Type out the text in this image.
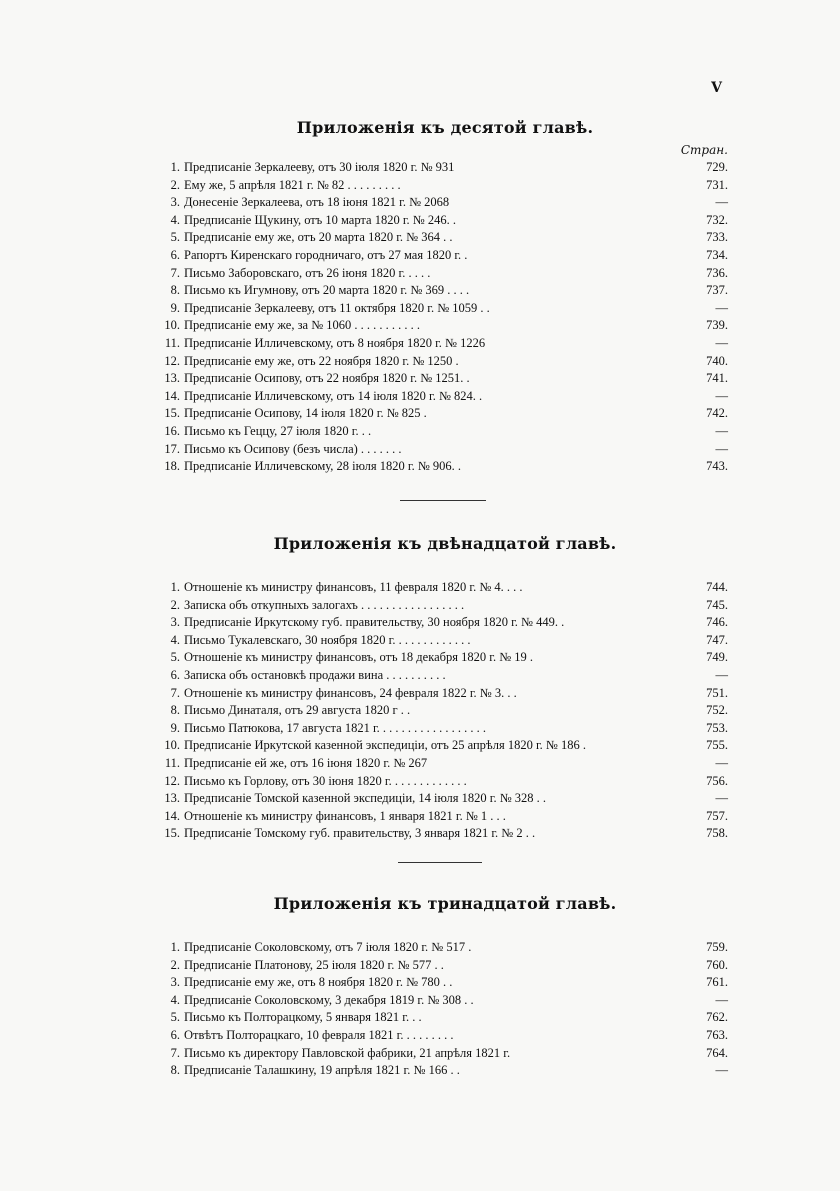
V
Приложенія къ десятой главѣ.
Стран.
1. Предписаніе Зеркалееву, отъ 30 іюля 1820 г. № 931	729.
2. Ему же, 5 апрѣля 1821 г. № 82 . . . . . . . . .	731.
3. Донесеніе Зеркалеева, отъ 18 іюня 1821 г. № 2068	—
4. Предписаніе Щукину, отъ 10 марта 1820 г. № 246. .	732.
5. Предписаніе ему же, отъ 20 марта 1820 г. № 364 . .	733.
6. Рапортъ Киренскаго городничаго, отъ 27 мая 1820 г. .	734.
7. Письмо Заборовскаго, отъ 26 іюня 1820 г. . . . .	736.
8. Письмо къ Игумнову, отъ 20 марта 1820 г. № 369 . . . .	737.
9. Предписаніе Зеркалееву, отъ 11 октября 1820 г. № 1059 . .	—
10. Предписаніе ему же, за № 1060 . . . . . . . . . . .	739.
11. Предписаніе Илличевскому, отъ 8 ноября 1820 г. № 1226	—
12. Предписаніе ему же, отъ 22 ноября 1820 г. № 1250 .	740.
13. Предписаніе Осипову, отъ 22 ноября 1820 г. № 1251. .	741.
14. Предписаніе Илличевскому, отъ 14 іюля 1820 г. № 824. .	—
15. Предписаніе Осипову, 14 іюля 1820 г. № 825 .	742.
16. Письмо къ Геццу, 27 іюля 1820 г. . .	—
17. Письмо къ Осипову (безъ числа) . . . . . . .	—
18. Предписаніе Илличевскому, 28 іюля 1820 г. № 906. .	743.
Приложенія къ двѣнадцатой главѣ.
1. Отношеніе къ министру финансовъ, 11 февраля 1820 г. № 4. . . .	744.
2. Записка объ откупныхъ залогахъ . . . . . . . . . . . . . . . . .	745.
3. Предписаніе Иркутскому губ. правительству, 30 ноября 1820 г. № 449. .	746.
4. Письмо Тукалевскаго, 30 ноября 1820 г. . . . . . . . . . . . .	747.
5. Отношеніе къ министру финансовъ, отъ 18 декабря 1820 г. № 19 .	749.
6. Записка объ остановкѣ продажи вина . . . . . . . . . .	—
7. Отношеніе къ министру финансовъ, 24 февраля 1822 г. № 3. . .	751.
8. Письмо Динаталя, отъ 29 августа 1820 г . .	752.
9. Письмо Патюкова, 17 августа 1821 г. . . . . . . . . . . . . . . . . .	753.
10. Предписаніе Иркутской казенной экспедиціи, отъ 25 апрѣля 1820 г. № 186 .	755.
11. Предписаніе ей же, отъ 16 іюня 1820 г. № 267	—
12. Письмо къ Горлову, отъ 30 іюня 1820 г. . . . . . . . . . . . .	756.
13. Предписаніе Томской казенной экспедиціи, 14 іюля 1820 г. № 328 . .	—
14. Отношеніе къ министру финансовъ, 1 января 1821 г. № 1 . . .	757.
15. Предписаніе Томскому губ. правительству, 3 января 1821 г. № 2 . .	758.
Приложенія къ тринадцатой главѣ.
1. Предписаніе Соколовскому, отъ 7 іюля 1820 г. № 517 .	759.
2. Предписаніе Платонову, 25 іюля 1820 г. № 577 . .	760.
3. Предписаніе ему же, отъ 8 ноября 1820 г. № 780 . .	761.
4. Предписаніе Соколовскому, 3 декабря 1819 г. № 308 . .	—
5. Письмо къ Полторацкому, 5 января 1821 г. . .	762.
6. Отвѣтъ Полторацкаго, 10 февраля 1821 г. . . . . . . . .	763.
7. Письмо къ директору Павловской фабрики, 21 апрѣля 1821 г.	764.
8. Предписаніе Талашкину, 19 апрѣля 1821 г. № 166 . .	—
